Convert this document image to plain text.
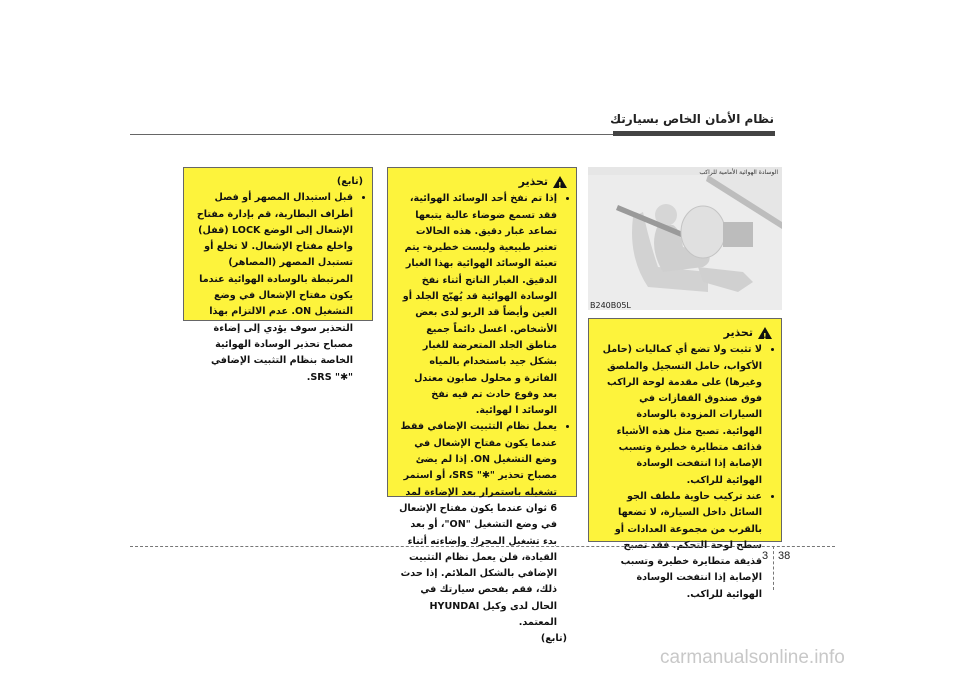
نظام الأمان الخاص بسيارتك
(تابع)
• قبل استبدال المصهر أو فصل أطراف البطارية، قم بإدارة مفتاح الإشعال إلى الوضع LOCK (قفل) واخلع مفتاح الإشعال. لا تخلع أو تستبدل المصهر (المصاهر) المرتبطة بالوسادة الهوائية عندما يكون مفتاح الإشعال في وضع التشغيل ON. عدم الالتزام بهذا التحذير سوف يؤدي إلى إضاءة مصباح تحذير الوسادة الهوائية الخاصة بنظام التثبيت الإضافي "✱" SRS.
!
تحذير
• إذا تم نفخ أحد الوسائد الهوائية، فقد تسمع ضوضاء عالية يتبعها تصاعد غبار دقيق. هذه الحالات تعتبر طبيعية وليست خطيرة- يتم تعبئة الوسائد الهوائية بهذا الغبار الدقيق. الغبار الناتج أثناء نفخ الوسادة الهوائية قد يُهيّج الجلد أو العين وأيضاً قد الربو لدى بعض الأشخاص. اغسل دائماً جميع مناطق الجلد المتعرضة للغبار بشكل جيد باستخدام بالمياه الفاترة و محلول صابون معتدل بعد وقوع حادث تم فيه نفخ الوسائد ا لهوائية.
• يعمل نظام التثبيت الإضافي فقط عندما يكون مفتاح الإشعال في وضع التشغيل ON. إذا لم يضئ مصباح تحذير "✱" SRS، أو استمر تشغيله باستمرار بعد الإضاءة لمد 6 ثوان عندما يكون مفتاح الإشعال في وضع التشغيل "ON"، أو بعد بدء تشغيل المحرك وإضاءته أثناء القيادة، فلن يعمل نظام التثبيت الإضافي بالشكل الملائم. إذا حدث ذلك، فقم بفحص سيارتك في الحال لدى وكيل HYUNDAI المعتمد.
(تابع)
الوسادة الهوائية الأمامية للراكب
B240B05L
!
تحذير
• لا تثبت ولا تضع أي كماليات (حامل الأكواب، حامل التسجيل والملصق وغيرها) على مقدمة لوحة الراكب فوق صندوق القفازات في السيارات المزودة بالوسادة الهوائية. تصبح مثل هذه الأشياء قذائف متطايرة خطيرة وتسبب الإصابة إذا انتفخت الوسادة الهوائية للراكب.
• عند تركيب حاوية ملطف الجو السائل داخل السيارة، لا تضعها بالقرب من مجموعة العدادات أو سطح لوحة التحكم. فقد تصبح قذيفة متطايرة خطيرة وتسبب الإصابة إذا انتفخت الوسادة الهوائية للراكب.
3 38
carmanualsonline.info
